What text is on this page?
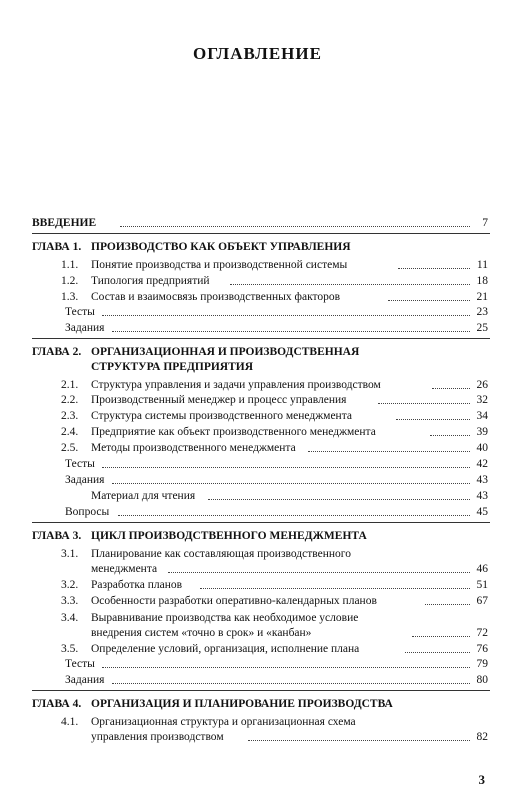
ОГЛАВЛЕНИЕ
ВВЕДЕНИЕ	7
ГЛАВА 1. ПРОИЗВОДСТВО КАК ОБЪЕКТ УПРАВЛЕНИЯ
1.1. Понятие производства и производственной системы	11
1.2. Типология предприятий	18
1.3. Состав и взаимосвязь производственных факторов	21
Тесты	23
Задания	25
ГЛАВА 2. ОРГАНИЗАЦИОННАЯ И ПРОИЗВОДСТВЕННАЯ
СТРУКТУРА ПРЕДПРИЯТИЯ
2.1. Структура управления и задачи управления производством	26
2.2. Производственный менеджер и процесс управления	32
2.3. Структура системы производственного менеджмента	34
2.4. Предприятие как объект производственного менеджмента	39
2.5. Методы производственного менеджмента	40
Тесты	42
Задания	43
Материал для чтения	43
Вопросы	45
ГЛАВА 3. ЦИКЛ ПРОИЗВОДСТВЕННОГО МЕНЕДЖМЕНТА
3.1. Планирование как составляющая производственного
менеджмента	46
3.2. Разработка планов	51
3.3. Особенности разработки оперативно-календарных планов	67
3.4. Выравнивание производства как необходимое условие
внедрения систем «точно в срок» и «канбан»	72
3.5. Определение условий, организация, исполнение плана	76
Тесты	79
Задания	80
ГЛАВА 4. ОРГАНИЗАЦИЯ И ПЛАНИРОВАНИЕ ПРОИЗВОДСТВА
4.1. Организационная структура и организационная схема
управления производством	82
3
